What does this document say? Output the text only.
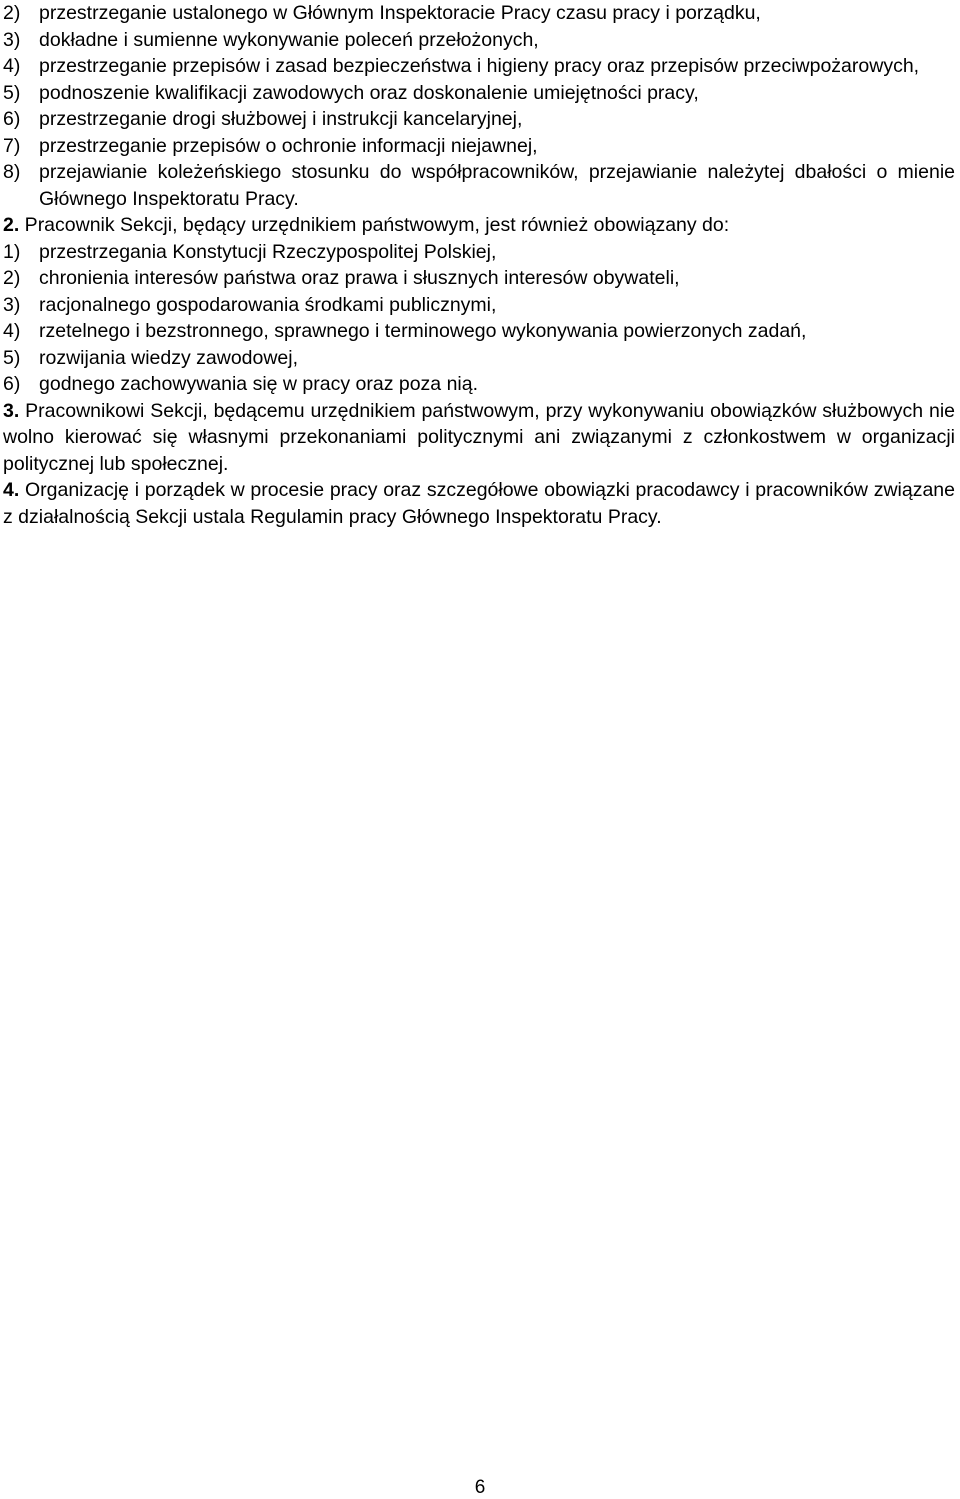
2) przestrzeganie ustalonego w Głównym Inspektoracie Pracy czasu pracy i porządku,
3) dokładne i sumienne wykonywanie poleceń przełożonych,
4) przestrzeganie przepisów i zasad bezpieczeństwa i higieny pracy oraz przepisów przeciwpożarowych,
5) podnoszenie kwalifikacji zawodowych oraz doskonalenie umiejętności pracy,
6) przestrzeganie drogi służbowej i instrukcji kancelaryjnej,
7) przestrzeganie przepisów o ochronie informacji niejawnej,
8) przejawianie koleżeńskiego stosunku do współpracowników, przejawianie należytej dbałości o mienie Głównego Inspektoratu Pracy.
2. Pracownik Sekcji, będący urzędnikiem państwowym, jest również obowiązany do:
1) przestrzegania Konstytucji Rzeczypospolitej Polskiej,
2) chronienia interesów państwa oraz prawa i słusznych interesów obywateli,
3) racjonalnego gospodarowania środkami publicznymi,
4) rzetelnego i bezstronnego, sprawnego i terminowego wykonywania powierzonych zadań,
5) rozwijania wiedzy zawodowej,
6) godnego zachowywania się w pracy oraz poza nią.
3. Pracownikowi Sekcji, będącemu urzędnikiem państwowym, przy wykonywaniu obowiązków służbowych nie wolno kierować się własnymi przekonaniami politycznymi ani związanymi z członkostwem w organizacji politycznej lub społecznej.
4. Organizację i porządek w procesie pracy oraz szczegółowe obowiązki pracodawcy i pracowników związane z działalnością Sekcji ustala Regulamin pracy Głównego Inspektoratu Pracy.
6
